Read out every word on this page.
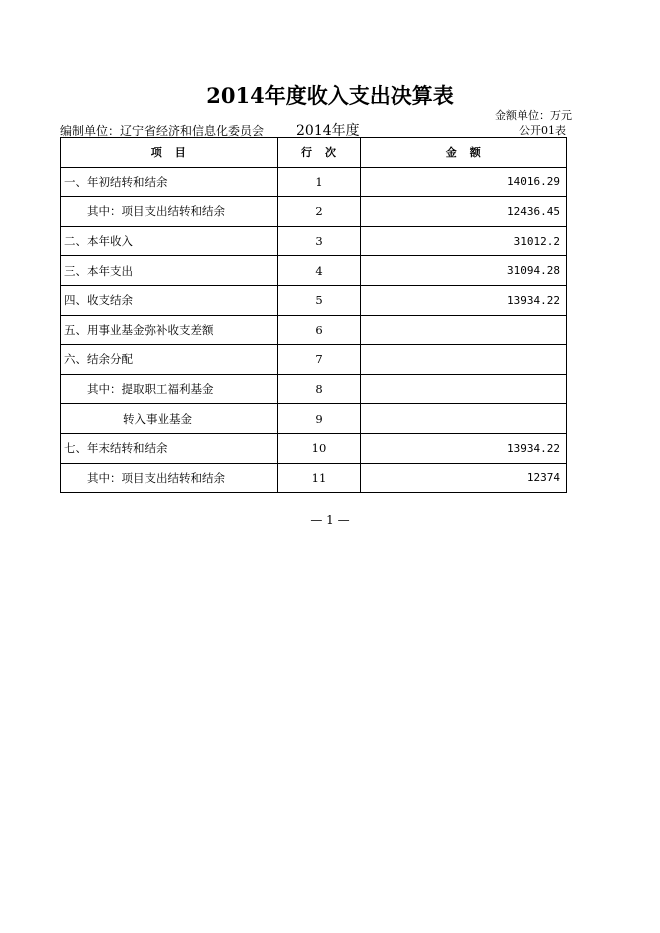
2014年度收入支出决算表
金额单位：万元
编制单位：辽宁省经济和信息化委员会 2014年度	公开01表
项　目	行　次	金　额
一、年初结转和结余	1	14016.29
其中：项目支出结转和结余	2	12436.45
二、本年收入	3	31012.2
三、本年支出	4	31094.28
四、收支结余	5	13934.22
五、用事业基金弥补收支差额	6	
六、结余分配	7	
其中：提取职工福利基金	8	
转入事业基金	9	
七、年末结转和结余	10	13934.22
其中：项目支出结转和结余	11	12374
— 1 —
